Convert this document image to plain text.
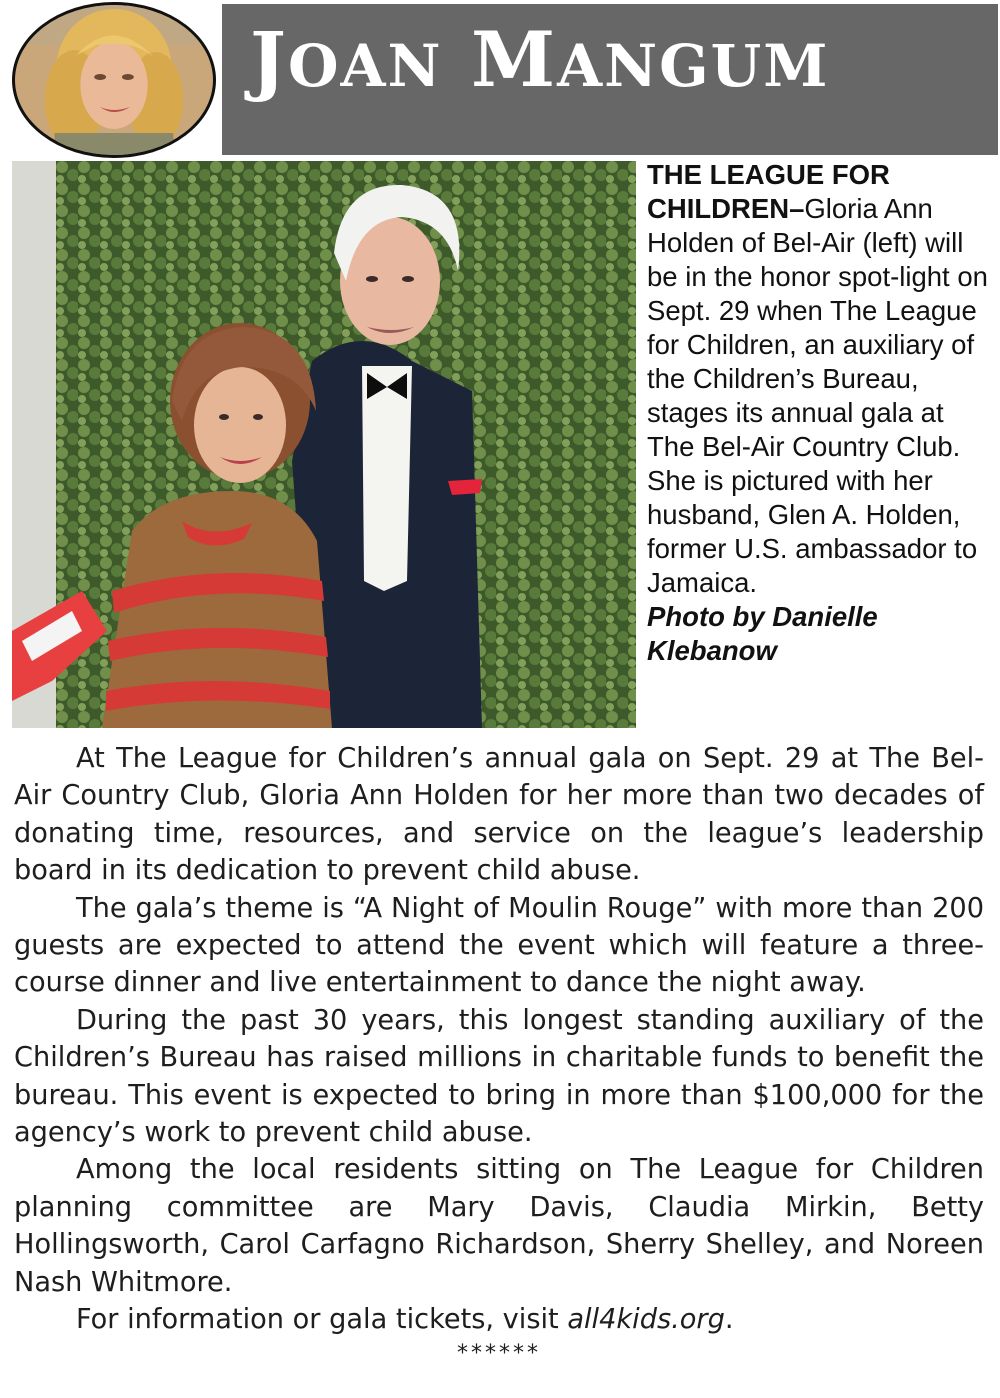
JOAN MANGUM
THE LEAGUE FOR CHILDREN–Gloria Ann Holden of Bel-Air (left) will be in the honor spot-light on Sept. 29 when The League for Children, an auxiliary of the Children’s Bureau, stages its annual gala at The Bel-Air Country Club. She is pictured with her husband, Glen A. Holden, former U.S. ambassador to Jamaica.
Photo by Danielle Klebanow

At The League for Children’s annual gala on Sept. 29 at The Bel-Air Country Club, Gloria Ann Holden for her more than two decades of donating time, resources, and service on the league’s leadership board in its dedication to prevent child abuse.

The gala’s theme is “A Night of Moulin Rouge” with more than 200 guests are expected to attend the event which will feature a three-course dinner and live entertainment to dance the night away.

During the past 30 years, this longest standing auxiliary of the Children’s Bureau has raised millions in charitable funds to benefit the bureau. This event is expected to bring in more than $100,000 for the agency’s work to prevent child abuse.

Among the local residents sitting on The League for Children planning committee are Mary Davis, Claudia Mirkin, Betty Hollingsworth, Carol Carfagno Richardson, Sherry Shelley, and Noreen Nash Whitmore.

For information or gala tickets, visit all4kids.org.

******
